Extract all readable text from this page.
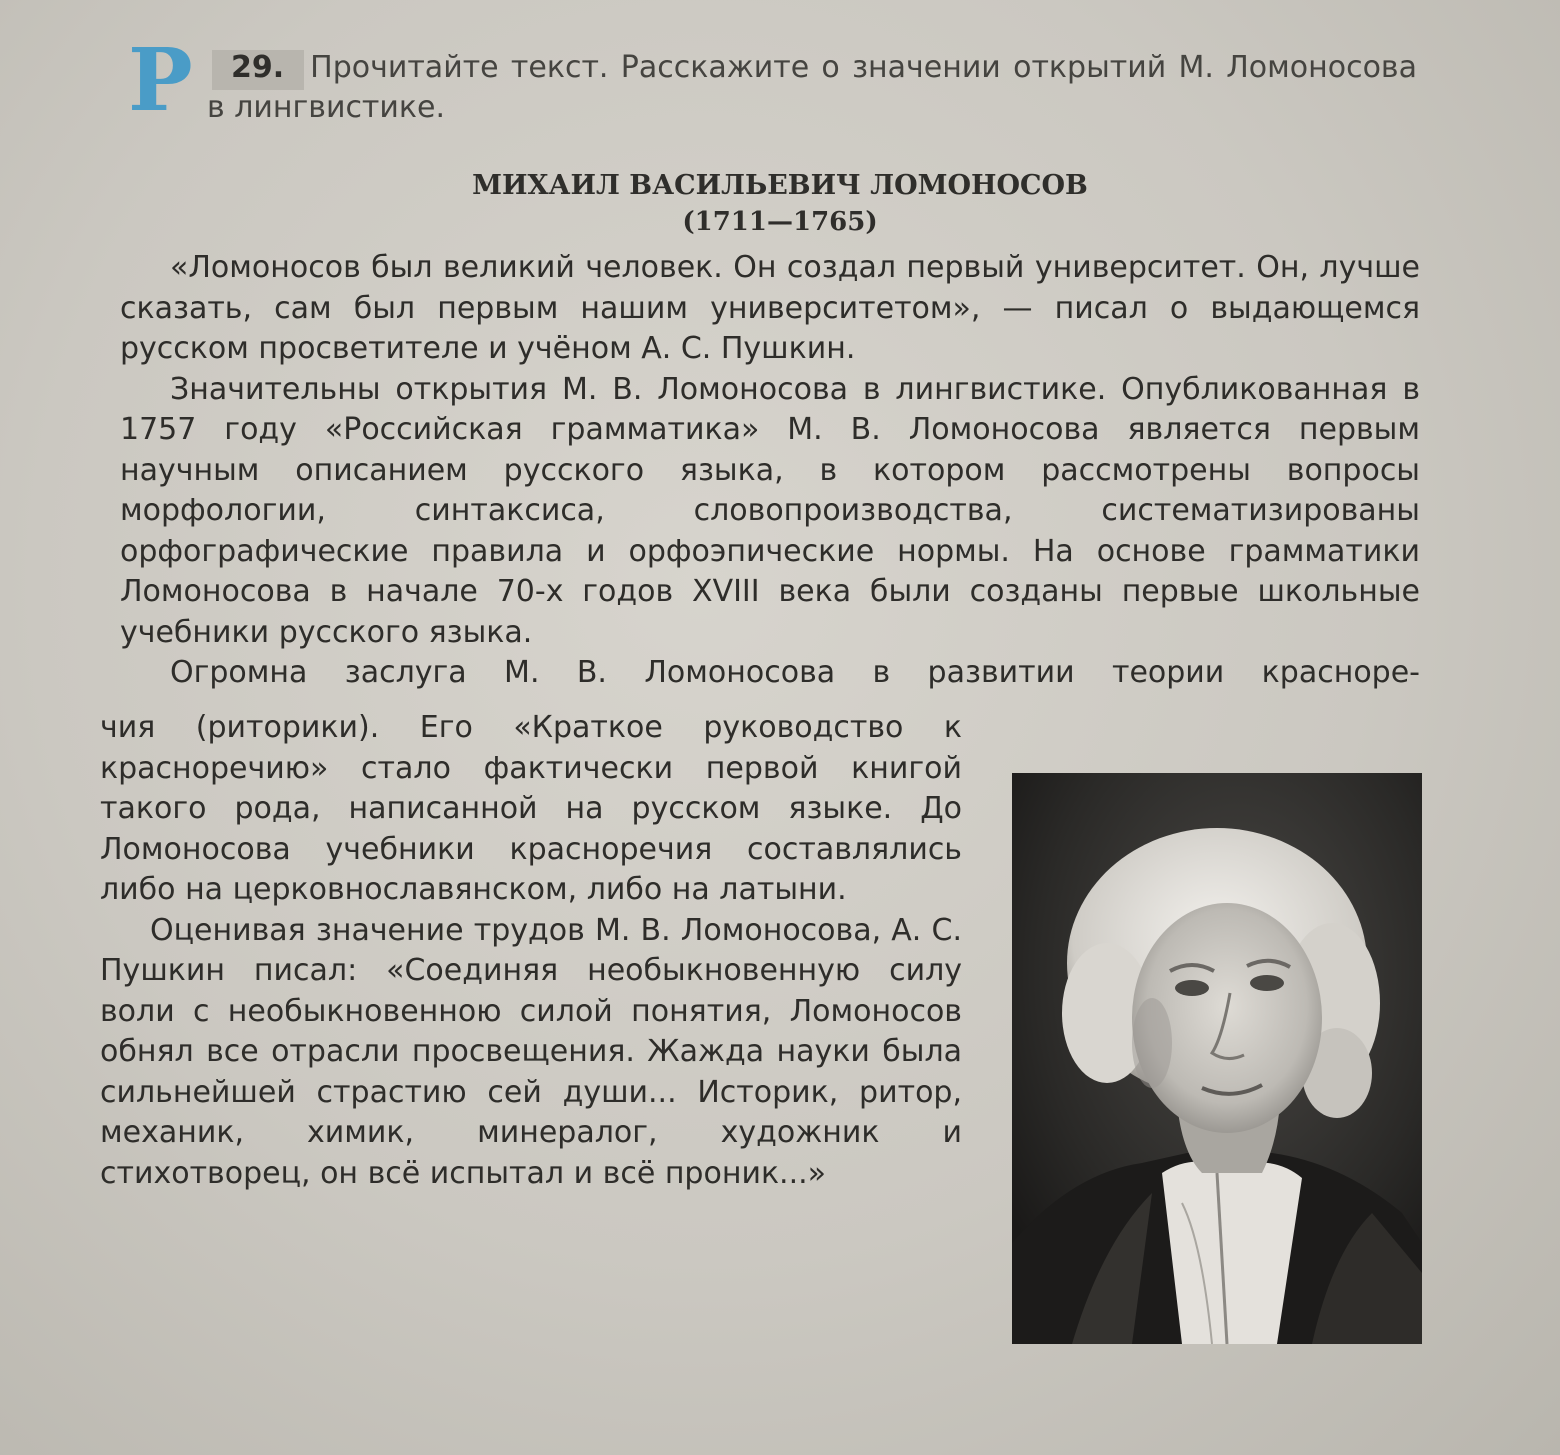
Р	29. Прочитайте текст. Расскажите о значении открытий М. Ломоносова в лингвистике.
МИХАИЛ ВАСИЛЬЕВИЧ ЛОМОНОСОВ
(1711—1765)

«Ломоносов был великий человек. Он создал первый университет. Он, лучше сказать, сам был первым нашим университетом», — писал о выдающемся русском просветителе и учёном А. С. Пушкин.

Значительны открытия М. В. Ломоносова в лингвистике. Опубликованная в 1757 году «Российская грамматика» М. В. Ломоносова является первым научным описанием русского языка, в котором рассмотрены вопросы морфологии, синтаксиса, словопроизводства, систематизированы орфографические правила и орфоэпические нормы. На основе грамматики Ломоносова в начале 70-х годов XVIII века были созданы первые школьные учебники русского языка.

Огромна заслуга М. В. Ломоносова в развитии теории красноре-

чия (риторики). Его «Краткое руководство к красноречию» стало фактически первой книгой такого рода, написанной на русском языке. До Ломоносова учебники красноречия составлялись либо на церковнославянском, либо на латыни.

Оценивая значение трудов М. В. Ломоносова, А. С. Пушкин писал: «Соединяя необыкновенную силу воли с необыкновенною силой понятия, Ломоносов обнял все отрасли просвещения. Жажда науки была сильнейшей страстию сей души... Историк, ритор, механик, химик, минералог, художник и стихотворец, он всё испытал и всё проник...»
